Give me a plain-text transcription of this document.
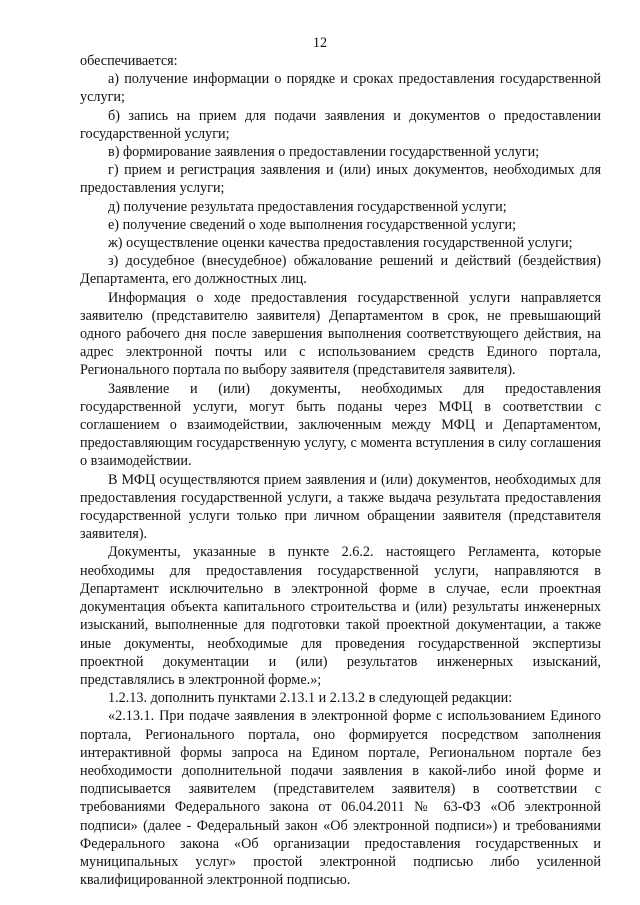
12

обеспечивается:

а) получение информации о порядке и сроках предоставления государственной услуги;

б) запись на прием для подачи заявления и документов о предоставлении государственной услуги;

в) формирование заявления о предоставлении государственной услуги;

г) прием и регистрация заявления и (или) иных документов, необходимых для предоставления услуги;

д) получение результата предоставления государственной услуги;

е) получение сведений о ходе выполнения государственной услуги;

ж) осуществление оценки качества предоставления государственной услуги;

з) досудебное (внесудебное) обжалование решений и действий (бездействия) Департамента, его должностных лиц.

Информация о ходе предоставления государственной услуги направляется заявителю (представителю заявителя) Департаментом в срок, не превышающий одного рабочего дня после завершения выполнения соответствующего действия, на адрес электронной почты или с использованием средств Единого портала, Регионального портала по выбору заявителя (представителя заявителя).

Заявление и (или) документы, необходимых для предоставления государственной услуги, могут быть поданы через МФЦ в соответствии с соглашением о взаимодействии, заключенным между МФЦ и Департаментом, предоставляющим государственную услугу, с момента вступления в силу соглашения о взаимодействии.

В МФЦ осуществляются прием заявления и (или) документов, необходимых для предоставления государственной услуги, а также выдача результата предоставления государственной услуги только при личном обращении заявителя (представителя заявителя).

Документы, указанные в пункте 2.6.2. настоящего Регламента, которые необходимы для предоставления государственной услуги, направляются в Департамент исключительно в электронной форме в случае, если проектная документация объекта капитального строительства и (или) результаты инженерных изысканий, выполненные для подготовки такой проектной документации, а также иные документы, необходимые для проведения государственной экспертизы проектной документации и (или) результатов инженерных изысканий, представлялись в электронной форме.»;

1.2.13. дополнить пунктами 2.13.1 и 2.13.2 в следующей редакции:

«2.13.1. При подаче заявления в электронной форме с использованием Единого портала, Регионального портала, оно формируется посредством заполнения интерактивной формы запроса на Едином портале, Региональном портале без необходимости дополнительной подачи заявления в какой-либо иной форме и подписывается заявителем (представителем заявителя) в соответствии с требованиями Федерального закона от 06.04.2011 № 63-ФЗ «Об электронной подписи» (далее - Федеральный закон «Об электронной подписи») и требованиями Федерального закона «Об организации предоставления государственных и муниципальных услуг» простой электронной подписью либо усиленной квалифицированной электронной подписью.
